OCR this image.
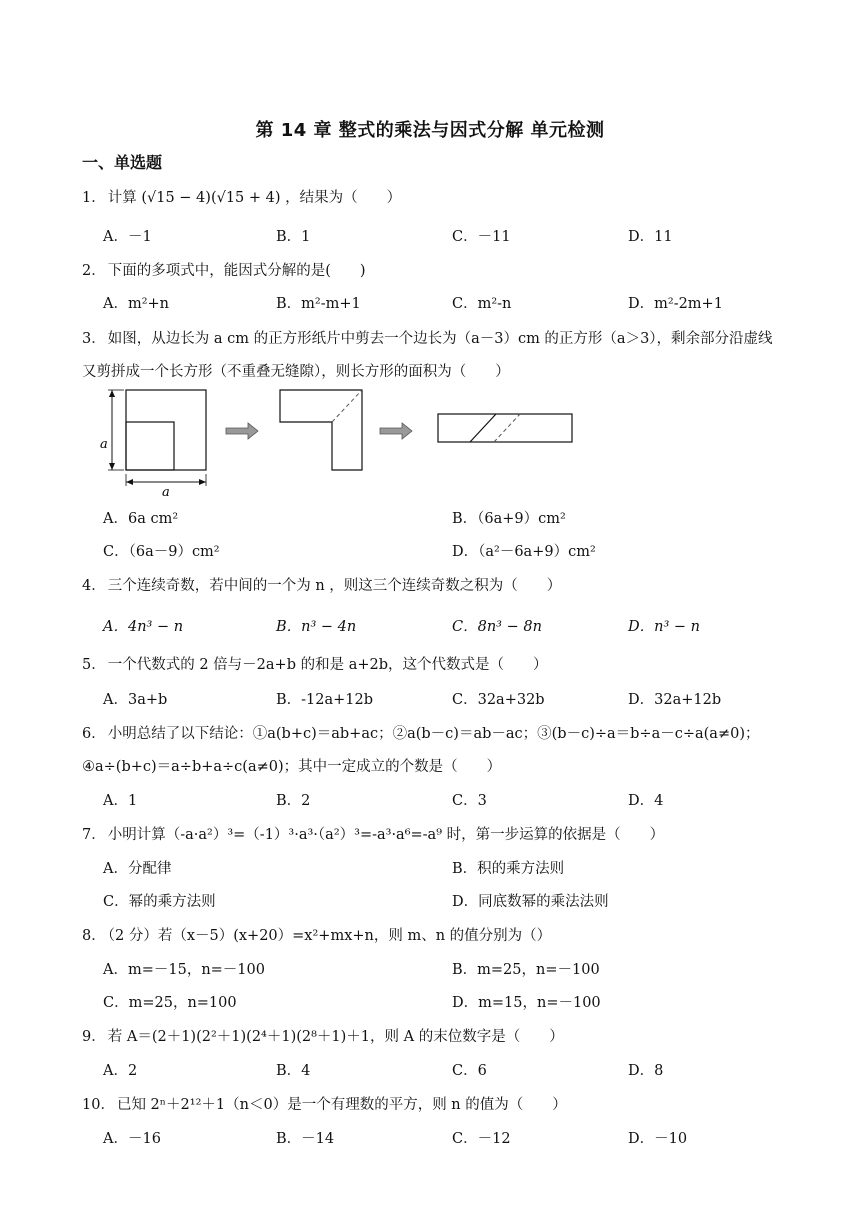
第 14 章 整式的乘法与因式分解 单元检测
一、单选题
1． 计算 (√15 − 4)(√15 + 4) ，结果为（　　）
A．－1	B．1	C．－11	D．11
2． 下面的多项式中，能因式分解的是(　　)
A．m²+n	B．m²-m+1	C．m²-n	D．m²-2m+1
3． 如图，从边长为 a cm 的正方形纸片中剪去一个边长为（a－3）cm 的正方形（a＞3），剩余部分沿虚线
又剪拼成一个长方形（不重叠无缝隙），则长方形的面积为（　　）
a
a
A．6a cm²	B．（6a+9）cm²
C．（6a－9）cm²	D．（a²－6a+9）cm²
4． 三个连续奇数，若中间的一个为 n ，则这三个连续奇数之积为（　　）
A．4n³ − n	B．n³ − 4n	C．8n³ − 8n	D．n³ − n
5． 一个代数式的 2 倍与－2a+b 的和是 a+2b，这个代数式是（　　）
A．3a+b	B．-12a+12b	C．32a+32b	D．32a+12b
6． 小明总结了以下结论：①a(b+c)＝ab+ac；②a(b－c)＝ab－ac；③(b－c)÷a＝b÷a－c÷a(a≠0)；
④a÷(b+c)＝a÷b+a÷c(a≠0)；其中一定成立的个数是（　　）
A．1	B．2	C．3	D．4
7． 小明计算（-a·a²）³=（-1）³·a³·（a²）³=-a³·a⁶=-a⁹ 时，第一步运算的依据是（　　）
A．分配律	B．积的乘方法则
C．幂的乘方法则	D．同底数幂的乘法法则
8． （2 分）若（x－5）(x+20）=x²+mx+n，则 m、n 的值分别为（）
A．m=－15，n=－100	B．m=25，n=－100
C．m=25，n=100	D．m=15，n=－100
9． 若 A＝(2＋1)(2²＋1)(2⁴＋1)(2⁸＋1)＋1，则 A 的末位数字是（　　）
A．2	B．4	C．6	D．8
10． 已知 2ⁿ＋2¹²＋1（n＜0）是一个有理数的平方，则 n 的值为（　　）
A．－16	B．－14	C．－12	D．－10
